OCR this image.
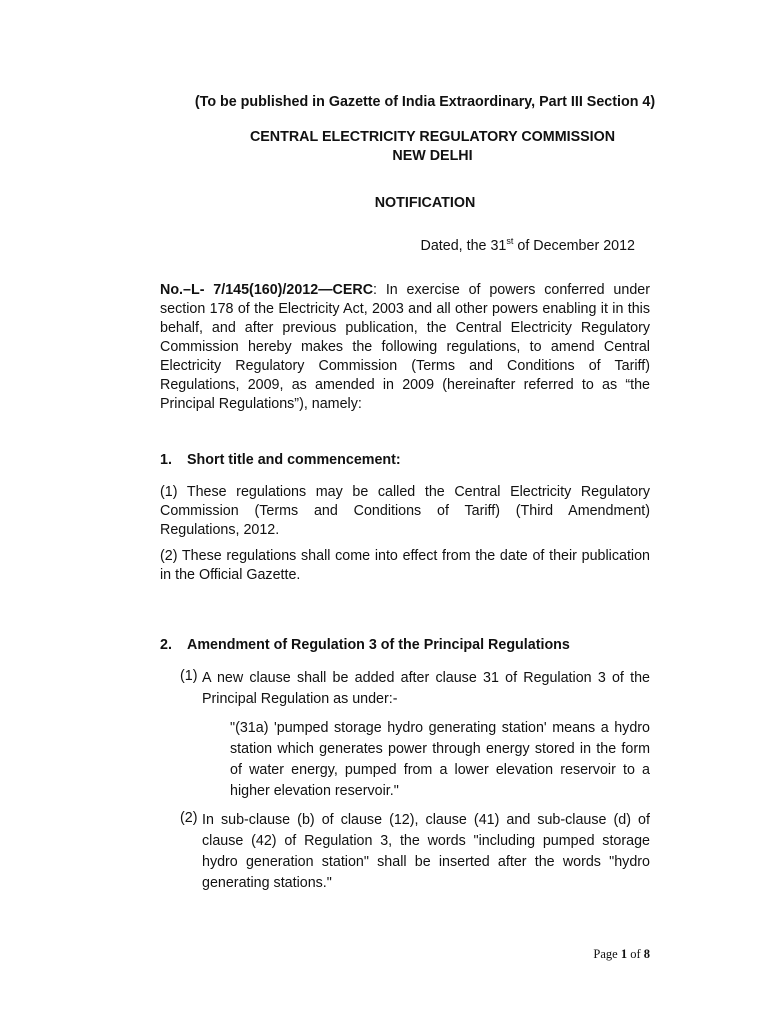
(To be published in Gazette of India Extraordinary, Part III Section 4)

CENTRAL ELECTRICITY REGULATORY COMMISSION

NEW DELHI

NOTIFICATION

Dated, the 31st of December 2012

No.–L- 7/145(160)/2012—CERC: In exercise of powers conferred under section 178 of the Electricity Act, 2003 and all other powers enabling it in this behalf, and after previous publication, the Central Electricity Regulatory Commission hereby makes the following regulations, to amend Central Electricity Regulatory Commission (Terms and Conditions of Tariff) Regulations, 2009, as amended in 2009 (hereinafter referred to as “the Principal Regulations”), namely:

1. Short title and commencement:

(1) These regulations may be called the Central Electricity Regulatory Commission (Terms and Conditions of Tariff) (Third Amendment) Regulations, 2012.

(2) These regulations shall come into effect from the date of their publication in the Official Gazette.

2. Amendment of Regulation 3 of the Principal Regulations
(1) A new clause shall be added after clause 31 of Regulation 3 of the Principal Regulation as under:-

"(31a) 'pumped storage hydro generating station' means a hydro station which generates power through energy stored in the form of water energy, pumped from a lower elevation reservoir to a higher elevation reservoir."

(2) In sub-clause (b) of clause (12), clause (41) and sub-clause (d) of clause (42) of Regulation 3, the words "including pumped storage hydro generation station" shall be inserted after the words "hydro generating stations."

Page 1 of 8
